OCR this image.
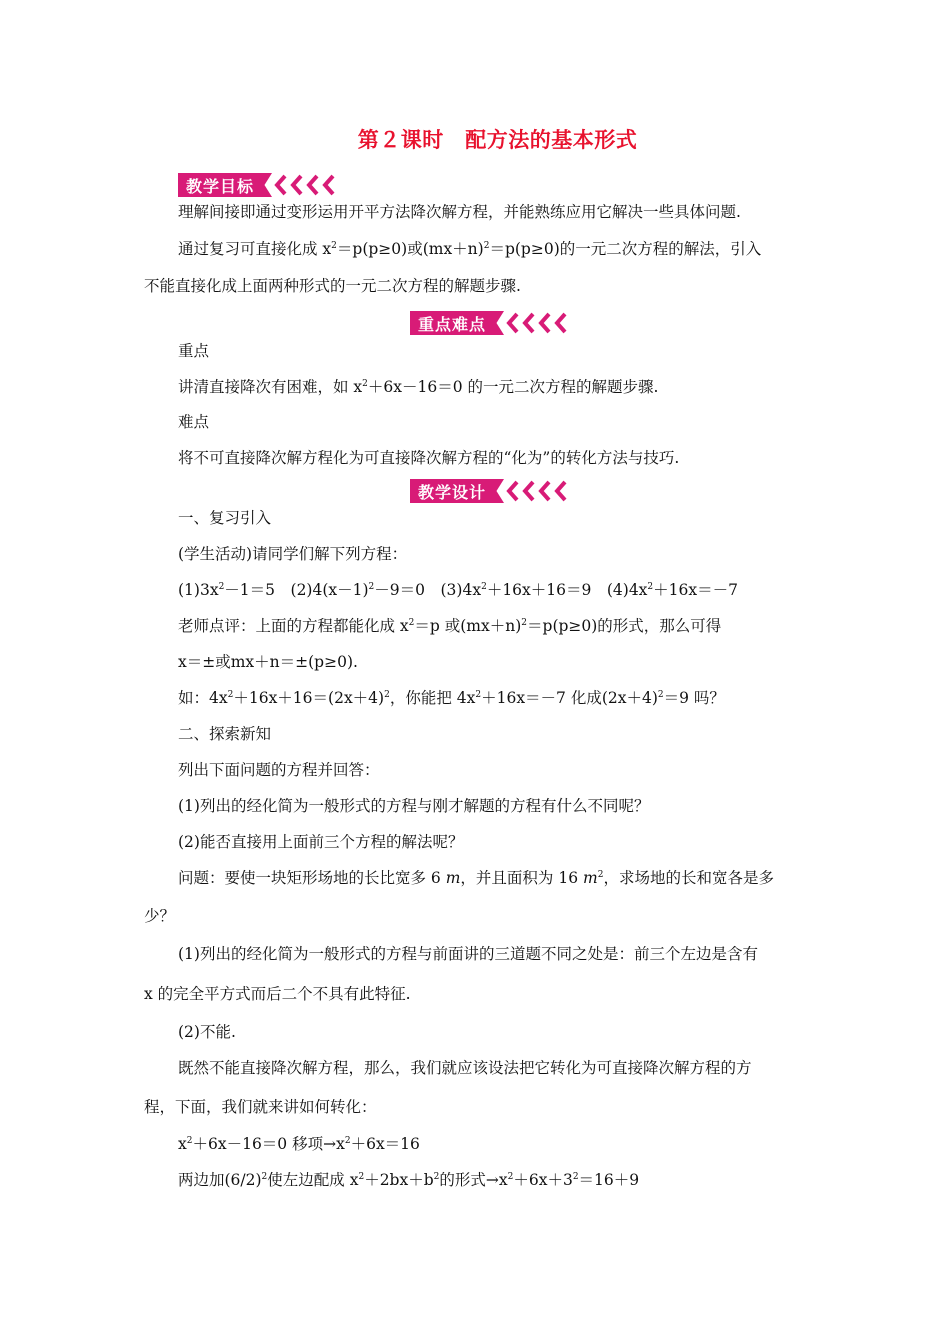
第２课时　配方法的基本形式
教学目标
理解间接即通过变形运用开平方法降次解方程，并能熟练应用它解决一些具体问题.
通过复习可直接化成 $x^2=p(p\ge 0)$或$(mx+n)^2=p(p\ge 0)$的一元二次方程的解法，引入
不能直接化成上面两种形式的一元二次方程的解题步骤.
重点难点
重点
讲清直接降次有困难，如 $x^2+6x-16=0$ 的一元二次方程的解题步骤.
难点
将不可直接降次解方程化为可直接降次解方程的“化为”的转化方法与技巧.
教学设计
一、复习引入
(学生活动)请同学们解下列方程：
$(1)3x^2-1=5$　$(2)4(x-1)^2-9=0$　$(3)4x^2+16x+16=9$　$(4)4x^2+16x=-7$
老师点评：上面的方程都能化成 $x^2=p$ 或$(mx+n)^2=p(p\ge 0)$的形式，那么可得
x＝±或mx＋n＝±(p≥0).
如：$4x^2+16x+16=(2x+4)^2$，你能把 $4x^2+16x=-7$ 化成$(2x+4)^2=9$ 吗？
二、探索新知
列出下面问题的方程并回答：
(1)列出的经化简为一般形式的方程与刚才解题的方程有什么不同呢？
(2)能否直接用上面前三个方程的解法呢？
问题：要使一块矩形场地的长比宽多 6 m，并且面积为 16 $m^2$，求场地的长和宽各是多
少？
(1)列出的经化简为一般形式的方程与前面讲的三道题不同之处是：前三个左边是含有
x 的完全平方式而后二个不具有此特征.
(2)不能.
既然不能直接降次解方程，那么，我们就应该设法把它转化为可直接降次解方程的方
程，下面，我们就来讲如何转化：
$x^2+6x-16=0$ 移项$\to x^2+6x=16$
两边加$(6/2)^2$使左边配成 $x^2+2bx+b^2$的形式$\to x^2+6x+3^2=16+9$
